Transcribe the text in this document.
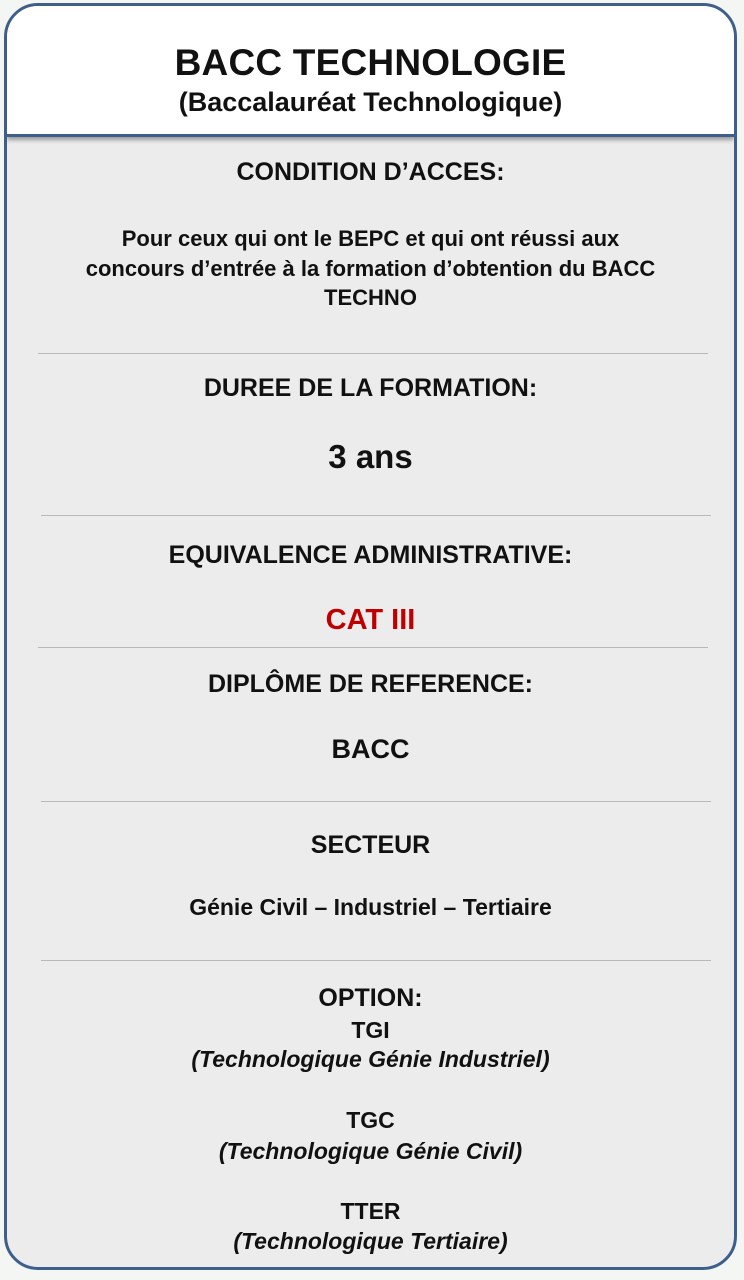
BACC TECHNOLOGIE
(Baccalauréat Technologique)
CONDITION D’ACCES:
Pour ceux qui ont le BEPC et qui ont réussi aux
concours d’entrée à la formation d’obtention du BACC
TECHNO
DUREE DE LA FORMATION:
3 ans
EQUIVALENCE ADMINISTRATIVE:
CAT III
DIPLÔME DE REFERENCE:
BACC
SECTEUR
Génie Civil – Industriel – Tertiaire
OPTION:
TGI
(Technologique Génie Industriel)
TGC
(Technologique Génie Civil)
TTER
(Technologique Tertiaire)
